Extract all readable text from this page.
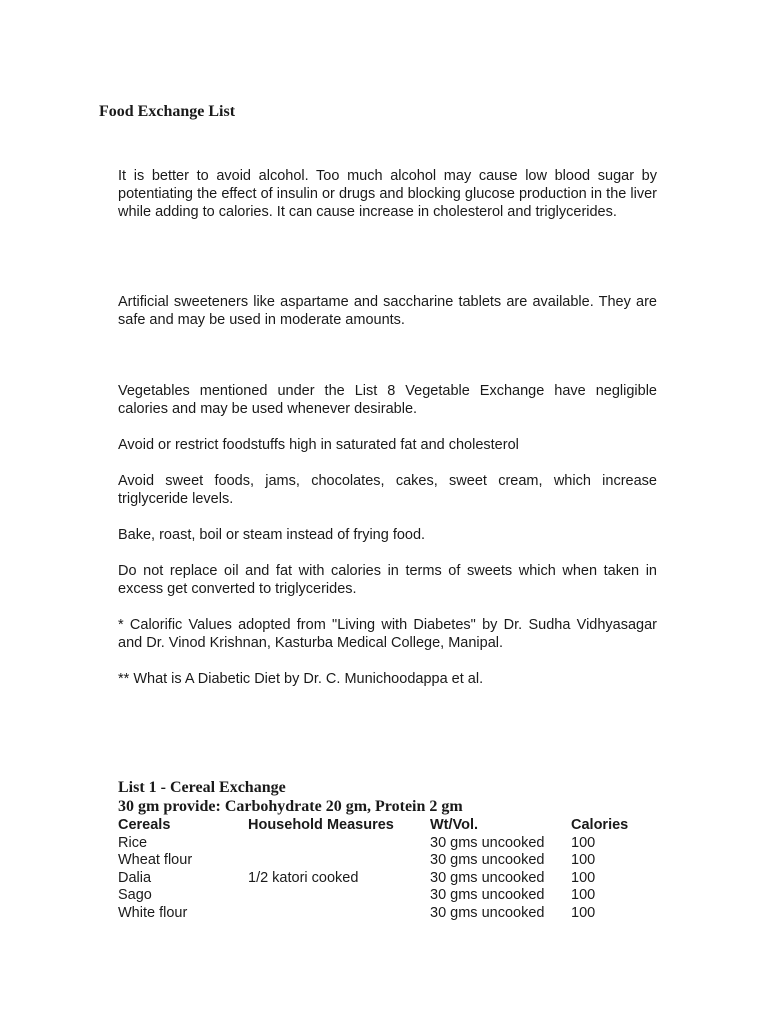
Food Exchange List

It is better to avoid alcohol. Too much alcohol may cause low blood sugar by potentiating the effect of insulin or drugs and blocking glucose production in the liver while adding to calories. It can cause increase in cholesterol and triglycerides.

Artificial sweeteners like aspartame and saccharine tablets are available. They are safe and may be used in moderate amounts.

Vegetables mentioned under the List 8 Vegetable Exchange have negligible calories and may be used whenever desirable.

Avoid or restrict foodstuffs high in saturated fat and cholesterol

Avoid sweet foods, jams, chocolates, cakes, sweet cream, which increase triglyceride levels.

Bake, roast, boil or steam instead of frying food.

Do not replace oil and fat with calories in terms of sweets which when taken in excess get converted to triglycerides.

* Calorific Values adopted from "Living with Diabetes" by Dr. Sudha Vidhyasagar and Dr. Vinod Krishnan, Kasturba Medical College, Manipal.

** What is A Diabetic Diet by Dr. C. Munichoodappa et al.

List 1 - Cereal Exchange
30 gm provide: Carbohydrate 20 gm, Protein 2 gm
Cereals	Household Measures	Wt/Vol.	Calories
Rice		30 gms uncooked	100
Wheat flour		30 gms uncooked	100
Dalia	1/2 katori cooked	30 gms uncooked	100
Sago		30 gms uncooked	100
White flour		30 gms uncooked	100
